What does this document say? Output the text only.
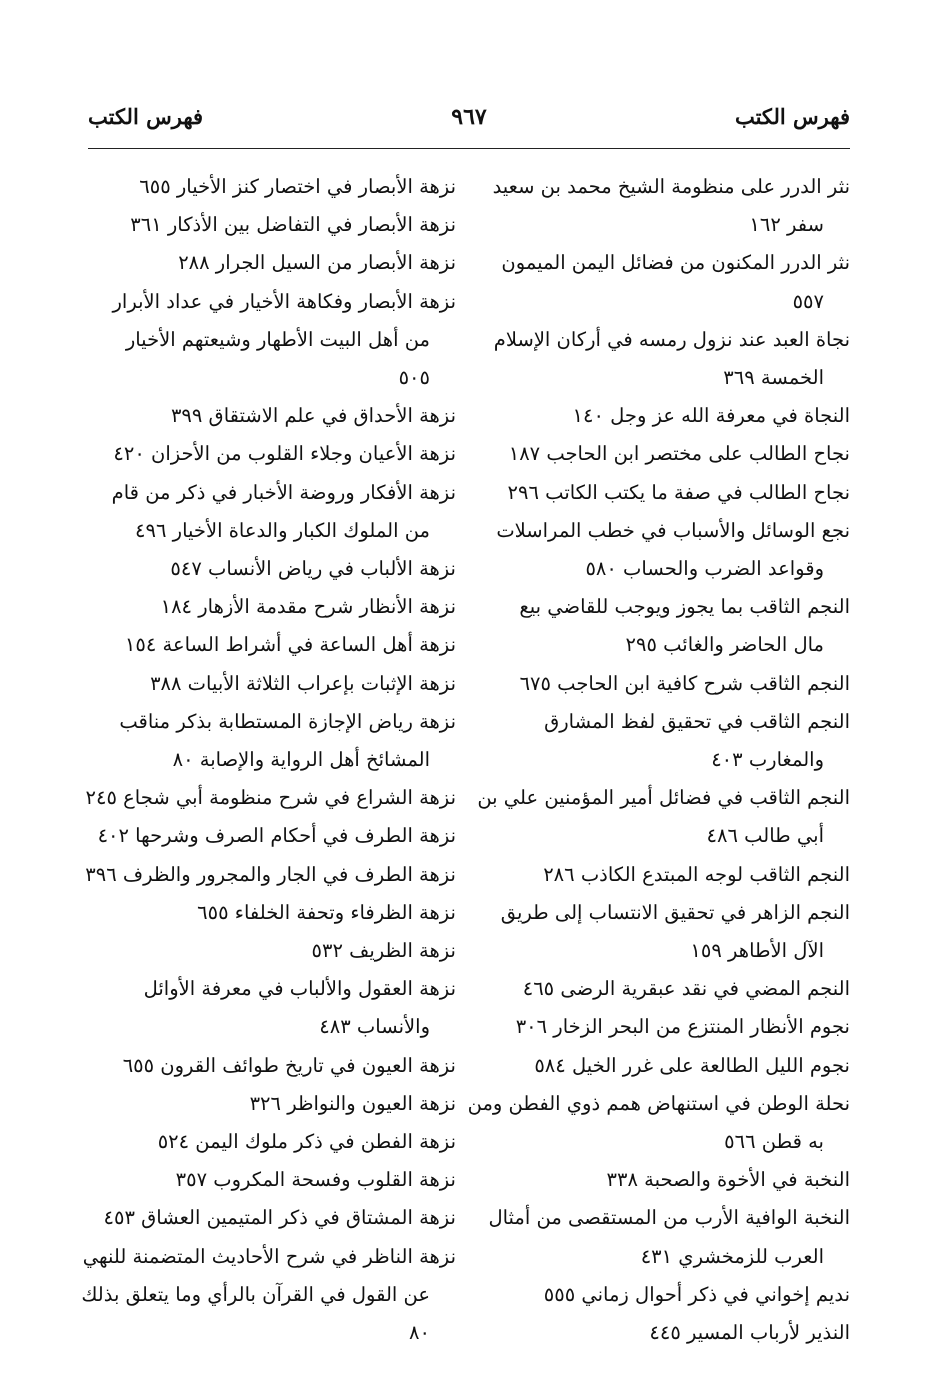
فهرس الكتب
٩٦٧
فهرس الكتب
نثر الدرر على منظومة الشيخ محمد بن سعيد
سفر ١٦٢
نثر الدرر المكنون من فضائل اليمن الميمون
٥٥٧
نجاة العبد عند نزول رمسه في أركان الإسلام
الخمسة ٣٦٩
النجاة في معرفة الله عز وجل ١٤٠
نجاح الطالب على مختصر ابن الحاجب ١٨٧
نجاح الطالب في صفة ما يكتب الكاتب ٢٩٦
نجع الوسائل والأسباب في خطب المراسلات
وقواعد الضرب والحساب ٥٨٠
النجم الثاقب بما يجوز ويوجب للقاضي بيع
مال الحاضر والغائب ٢٩٥
النجم الثاقب شرح كافية ابن الحاجب ٦٧٥
النجم الثاقب في تحقيق لفظ المشارق
والمغارب ٤٠٣
النجم الثاقب في فضائل أمير المؤمنين علي بن
أبي طالب ٤٨٦
النجم الثاقب لوجه المبتدع الكاذب ٢٨٦
النجم الزاهر في تحقيق الانتساب إلى طريق
الآل الأطاهر ١٥٩
النجم المضي في نقد عبقرية الرضى ٤٦٥
نجوم الأنظار المنتزع من البحر الزخار ٣٠٦
نجوم الليل الطالعة على غرر الخيل ٥٨٤
نحلة الوطن في استنهاض همم ذوي الفطن ومن
به قطن ٥٦٦
النخبة في الأخوة والصحبة ٣٣٨
النخبة الوافية الأرب من المستقصى من أمثال
العرب للزمخشري ٤٣١
نديم إخواني في ذكر أحوال زماني ٥٥٥
النذير لأرباب المسير ٤٤٥
نزهة الأبصار في اختصار كنز الأخيار ٦٥٥
نزهة الأبصار في التفاضل بين الأذكار ٣٦١
نزهة الأبصار من السيل الجرار ٢٨٨
نزهة الأبصار وفكاهة الأخيار في عداد الأبرار
من أهل البيت الأطهار وشيعتهم الأخيار
٥٠٥
نزهة الأحداق في علم الاشتقاق ٣٩٩
نزهة الأعيان وجلاء القلوب من الأحزان ٤٢٠
نزهة الأفكار وروضة الأخبار في ذكر من قام
من الملوك الكبار والدعاة الأخيار ٤٩٦
نزهة الألباب في رياض الأنساب ٥٤٧
نزهة الأنظار شرح مقدمة الأزهار ١٨٤
نزهة أهل الساعة في أشراط الساعة ١٥٤
نزهة الإثبات بإعراب الثلاثة الأبيات ٣٨٨
نزهة رياض الإجازة المستطابة بذكر مناقب
المشائخ أهل الرواية والإصابة ٨٠
نزهة الشراع في شرح منظومة أبي شجاع ٢٤٥
نزهة الطرف في أحكام الصرف وشرحها ٤٠٢
نزهة الطرف في الجار والمجرور والظرف ٣٩٦
نزهة الظرفاء وتحفة الخلفاء ٦٥٥
نزهة الظريف ٥٣٢
نزهة العقول والألباب في معرفة الأوائل
والأنساب ٤٨٣
نزهة العيون في تاريخ طوائف القرون ٦٥٥
نزهة العيون والنواظر ٣٢٦
نزهة الفطن في ذكر ملوك اليمن ٥٢٤
نزهة القلوب وفسحة المكروب ٣٥٧
نزهة المشتاق في ذكر المتيمين العشاق ٤٥٣
نزهة الناظر في شرح الأحاديث المتضمنة للنهي
عن القول في القرآن بالرأي وما يتعلق بذلك
٨٠
